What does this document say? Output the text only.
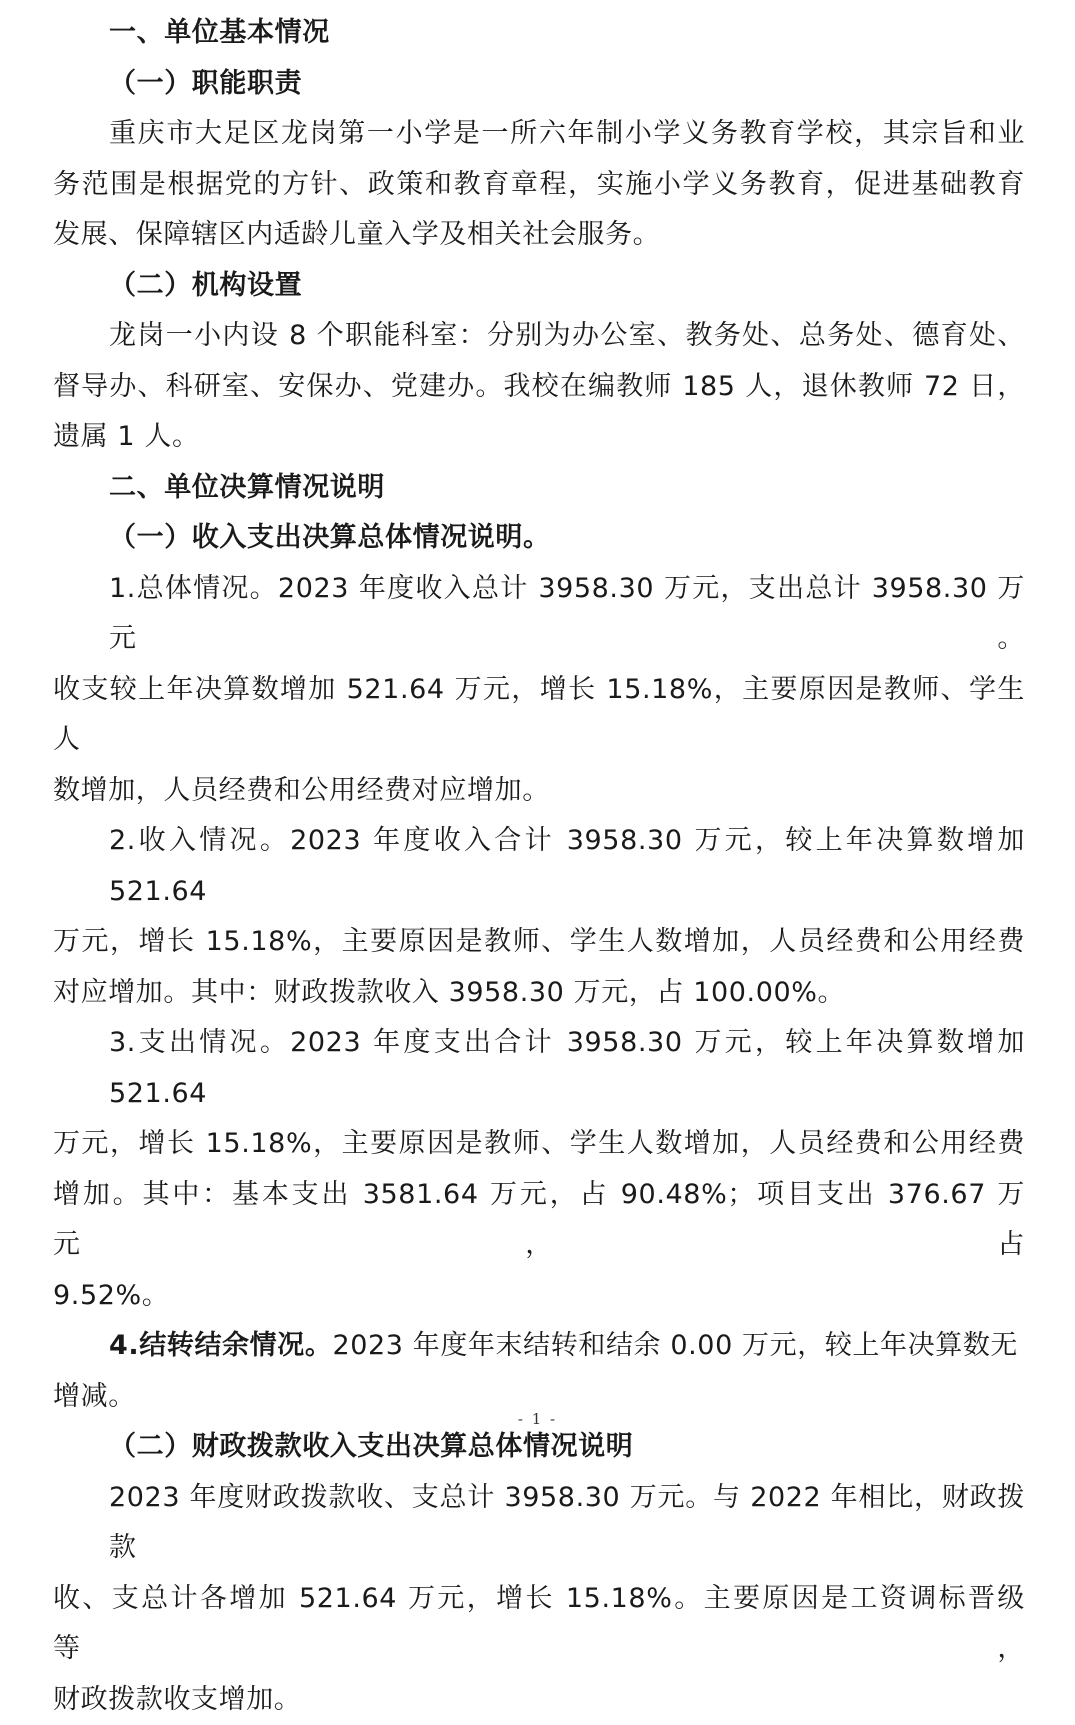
一、单位基本情况

（一）职能职责

重庆市大足区龙岗第一小学是一所六年制小学义务教育学校，其宗旨和业

务范围是根据党的方针、政策和教育章程，实施小学义务教育，促进基础教育

发展、保障辖区内适龄儿童入学及相关社会服务。

（二）机构设置

龙岗一小内设 8 个职能科室：分别为办公室、教务处、总务处、德育处、

督导办、科研室、安保办、党建办。我校在编教师 185 人，退休教师 72 日，

遗属 1 人。

二、单位决算情况说明

（一）收入支出决算总体情况说明。

1.总体情况。2023 年度收入总计 3958.30 万元，支出总计 3958.30 万元。

收支较上年决算数增加 521.64 万元，增长 15.18%，主要原因是教师、学生人

数增加，人员经费和公用经费对应增加。

2.收入情况。2023 年度收入合计 3958.30 万元，较上年决算数增加 521.64

万元，增长 15.18%，主要原因是教师、学生人数增加，人员经费和公用经费

对应增加。其中：财政拨款收入 3958.30 万元，占 100.00%。

3.支出情况。2023 年度支出合计 3958.30 万元，较上年决算数增加 521.64

万元，增长 15.18%，主要原因是教师、学生人数增加，人员经费和公用经费

增加。其中：基本支出 3581.64 万元，占 90.48%；项目支出 376.67 万元，占

9.52%。

4.结转结余情况。2023 年度年末结转和结余 0.00 万元，较上年决算数无

增减。

（二）财政拨款收入支出决算总体情况说明

2023 年度财政拨款收、支总计 3958.30 万元。与 2022 年相比，财政拨款

收、支总计各增加 521.64 万元，增长 15.18%。主要原因是工资调标晋级等，

财政拨款收支增加。

- 1 -
